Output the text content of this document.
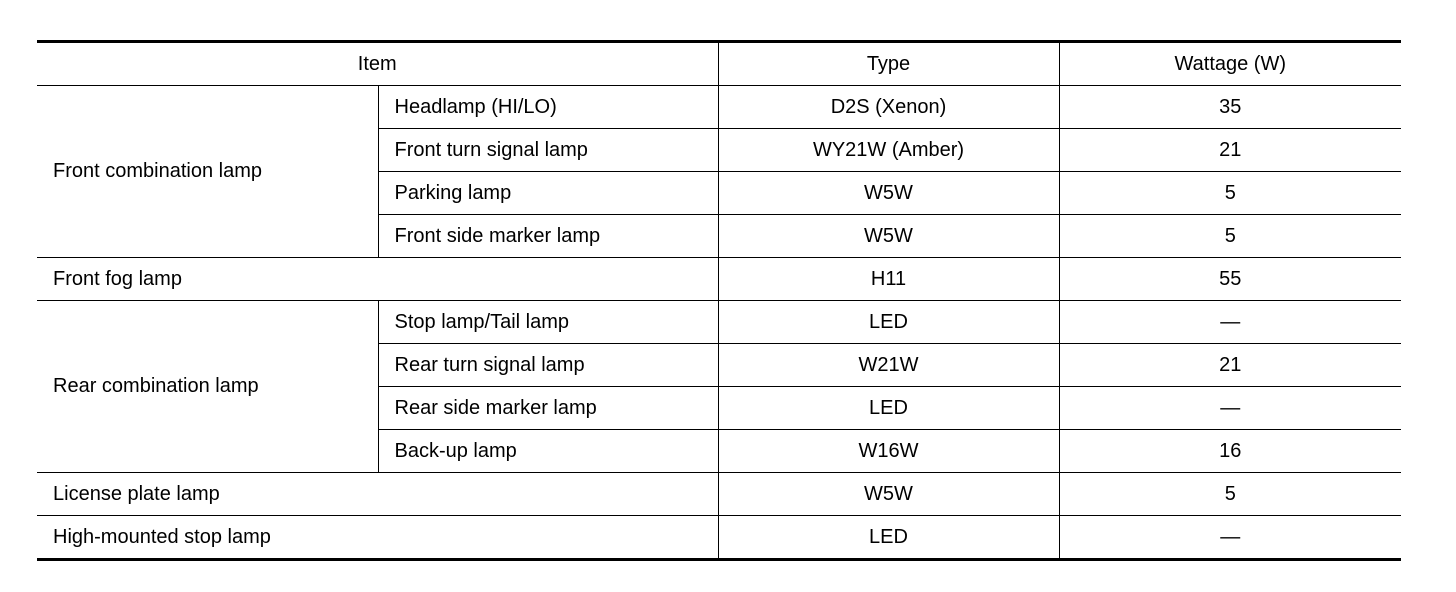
Item		Type	Wattage (W)
Front combination lamp	Headlamp (HI/LO)	D2S (Xenon)	35
	Front turn signal lamp	WY21W (Amber)	21
	Parking lamp	W5W	5
	Front side marker lamp	W5W	5
Front fog lamp		H11	55
Rear combination lamp	Stop lamp/Tail lamp	LED	—
	Rear turn signal lamp	W21W	21
	Rear side marker lamp	LED	—
	Back-up lamp	W16W	16
License plate lamp		W5W	5
High-mounted stop lamp		LED	—
